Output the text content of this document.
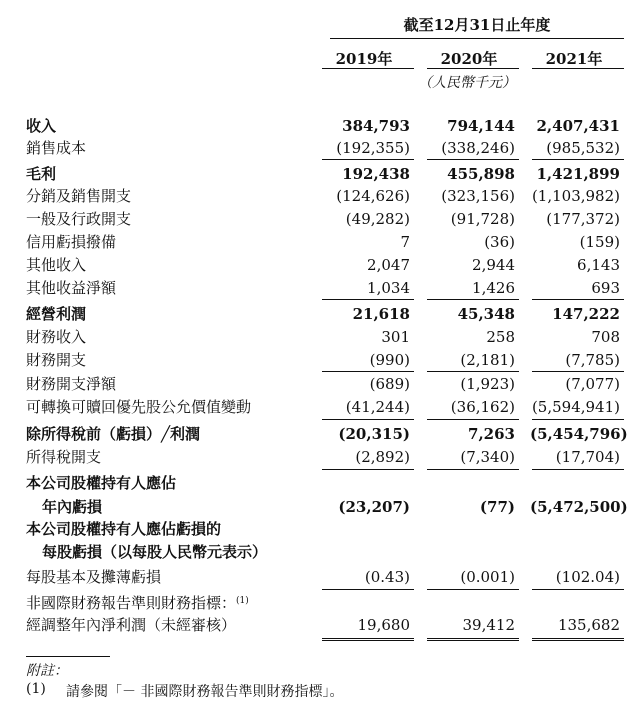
截至12月31日止年度
2019年	2020年	2021年
（人民幣千元）
收入	384,793	794,144	2,407,431
銷售成本	(192,355)	(338,246)	(985,532)
毛利	192,438	455,898	1,421,899
分銷及銷售開支	(124,626)	(323,156) (1,103,982)
一般及行政開支	(49,282)	(91,728)	(177,372)
信用虧損撥備	7	(36)	(159)
其他收入	2,047	2,944	6,143
其他收益淨額	1,034	1,426	693
經營利潤	21,618	45,348	147,222
財務收入	301	258	708
財務開支	(990)	(2,181)	(7,785)
財務開支淨額	(689)	(1,923)	(7,077)
可轉換可贖回優先股公允價值變動	(41,244)	(36,162) (5,594,941)
除所得稅前（虧損）╱利潤	(20,315)	7,263 (5,454,796)
所得稅開支	(2,892)	(7,340)	(17,704)
本公司股權持有人應佔
年內虧損	(23,207)	(77) (5,472,500)
本公司股權持有人應佔虧損的
每股虧損（以每股人民幣元表示）
每股基本及攤薄虧損	(0.43)	(0.001)	(102.04)
非國際財務報告準則財務指標：$^{(1)}$
經調整年內淨利潤（未經審核）	19,680	39,412	135,682
附註：
(1) 請參閱「－ 非國際財務報告準則財務指標」。
